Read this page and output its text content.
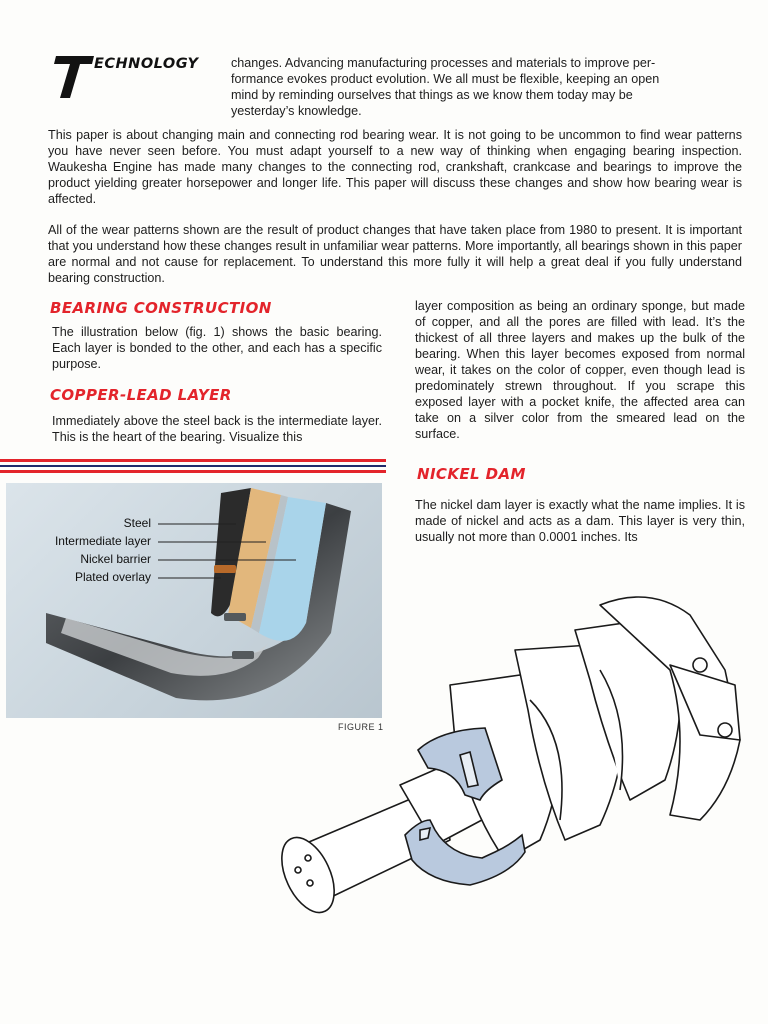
ECHNOLOGY	changes. Advancing manufacturing processes and materials to improve per-
formance evokes product evolution. We all must be flexible, keeping an open
mind by reminding ourselves that things as we know them today may be
yesterday’s knowledge.

This paper is about changing main and connecting rod bearing wear. It is not going to be uncommon to find wear patterns you have never seen before. You must adapt yourself to a new way of thinking when engaging bearing inspection. Waukesha Engine has made many changes to the connecting rod, crankshaft, crankcase and bearings to improve the product yielding greater horsepower and longer life. This paper will discuss these changes and show how bearing wear is affected.

All of the wear patterns shown are the result of product changes that have taken place from 1980 to present. It is important that you understand how these changes result in unfamiliar wear patterns. More importantly, all bearings shown in this paper are normal and not cause for replacement. To understand this more fully it will help a great deal if you fully understand bearing construction.

BEARING CONSTRUCTION

The illustration below (fig. 1) shows the basic bearing. Each layer is bonded to the other, and each has a specific purpose.

COPPER-LEAD LAYER

Immediately above the steel back is the intermediate layer. This is the heart of the bearing. Visualize this

layer composition as being an ordinary sponge, but made of copper, and all the pores are filled with lead. It’s the thickest of all three layers and makes up the bulk of the bearing. When this layer becomes exposed from normal wear, it takes on the color of copper, even though lead is predominately strewn throughout. If you scrape this exposed layer with a pocket knife, the affected area can take on a silver color from the smeared lead on the surface.

NICKEL DAM

The nickel dam layer is exactly what the name implies. It is made of nickel and acts as a dam. This layer is very thin, usually not more than 0.0001 inches. Its

Steel
Intermediate layer
Nickel barrier
Plated overlay
FIGURE 1
